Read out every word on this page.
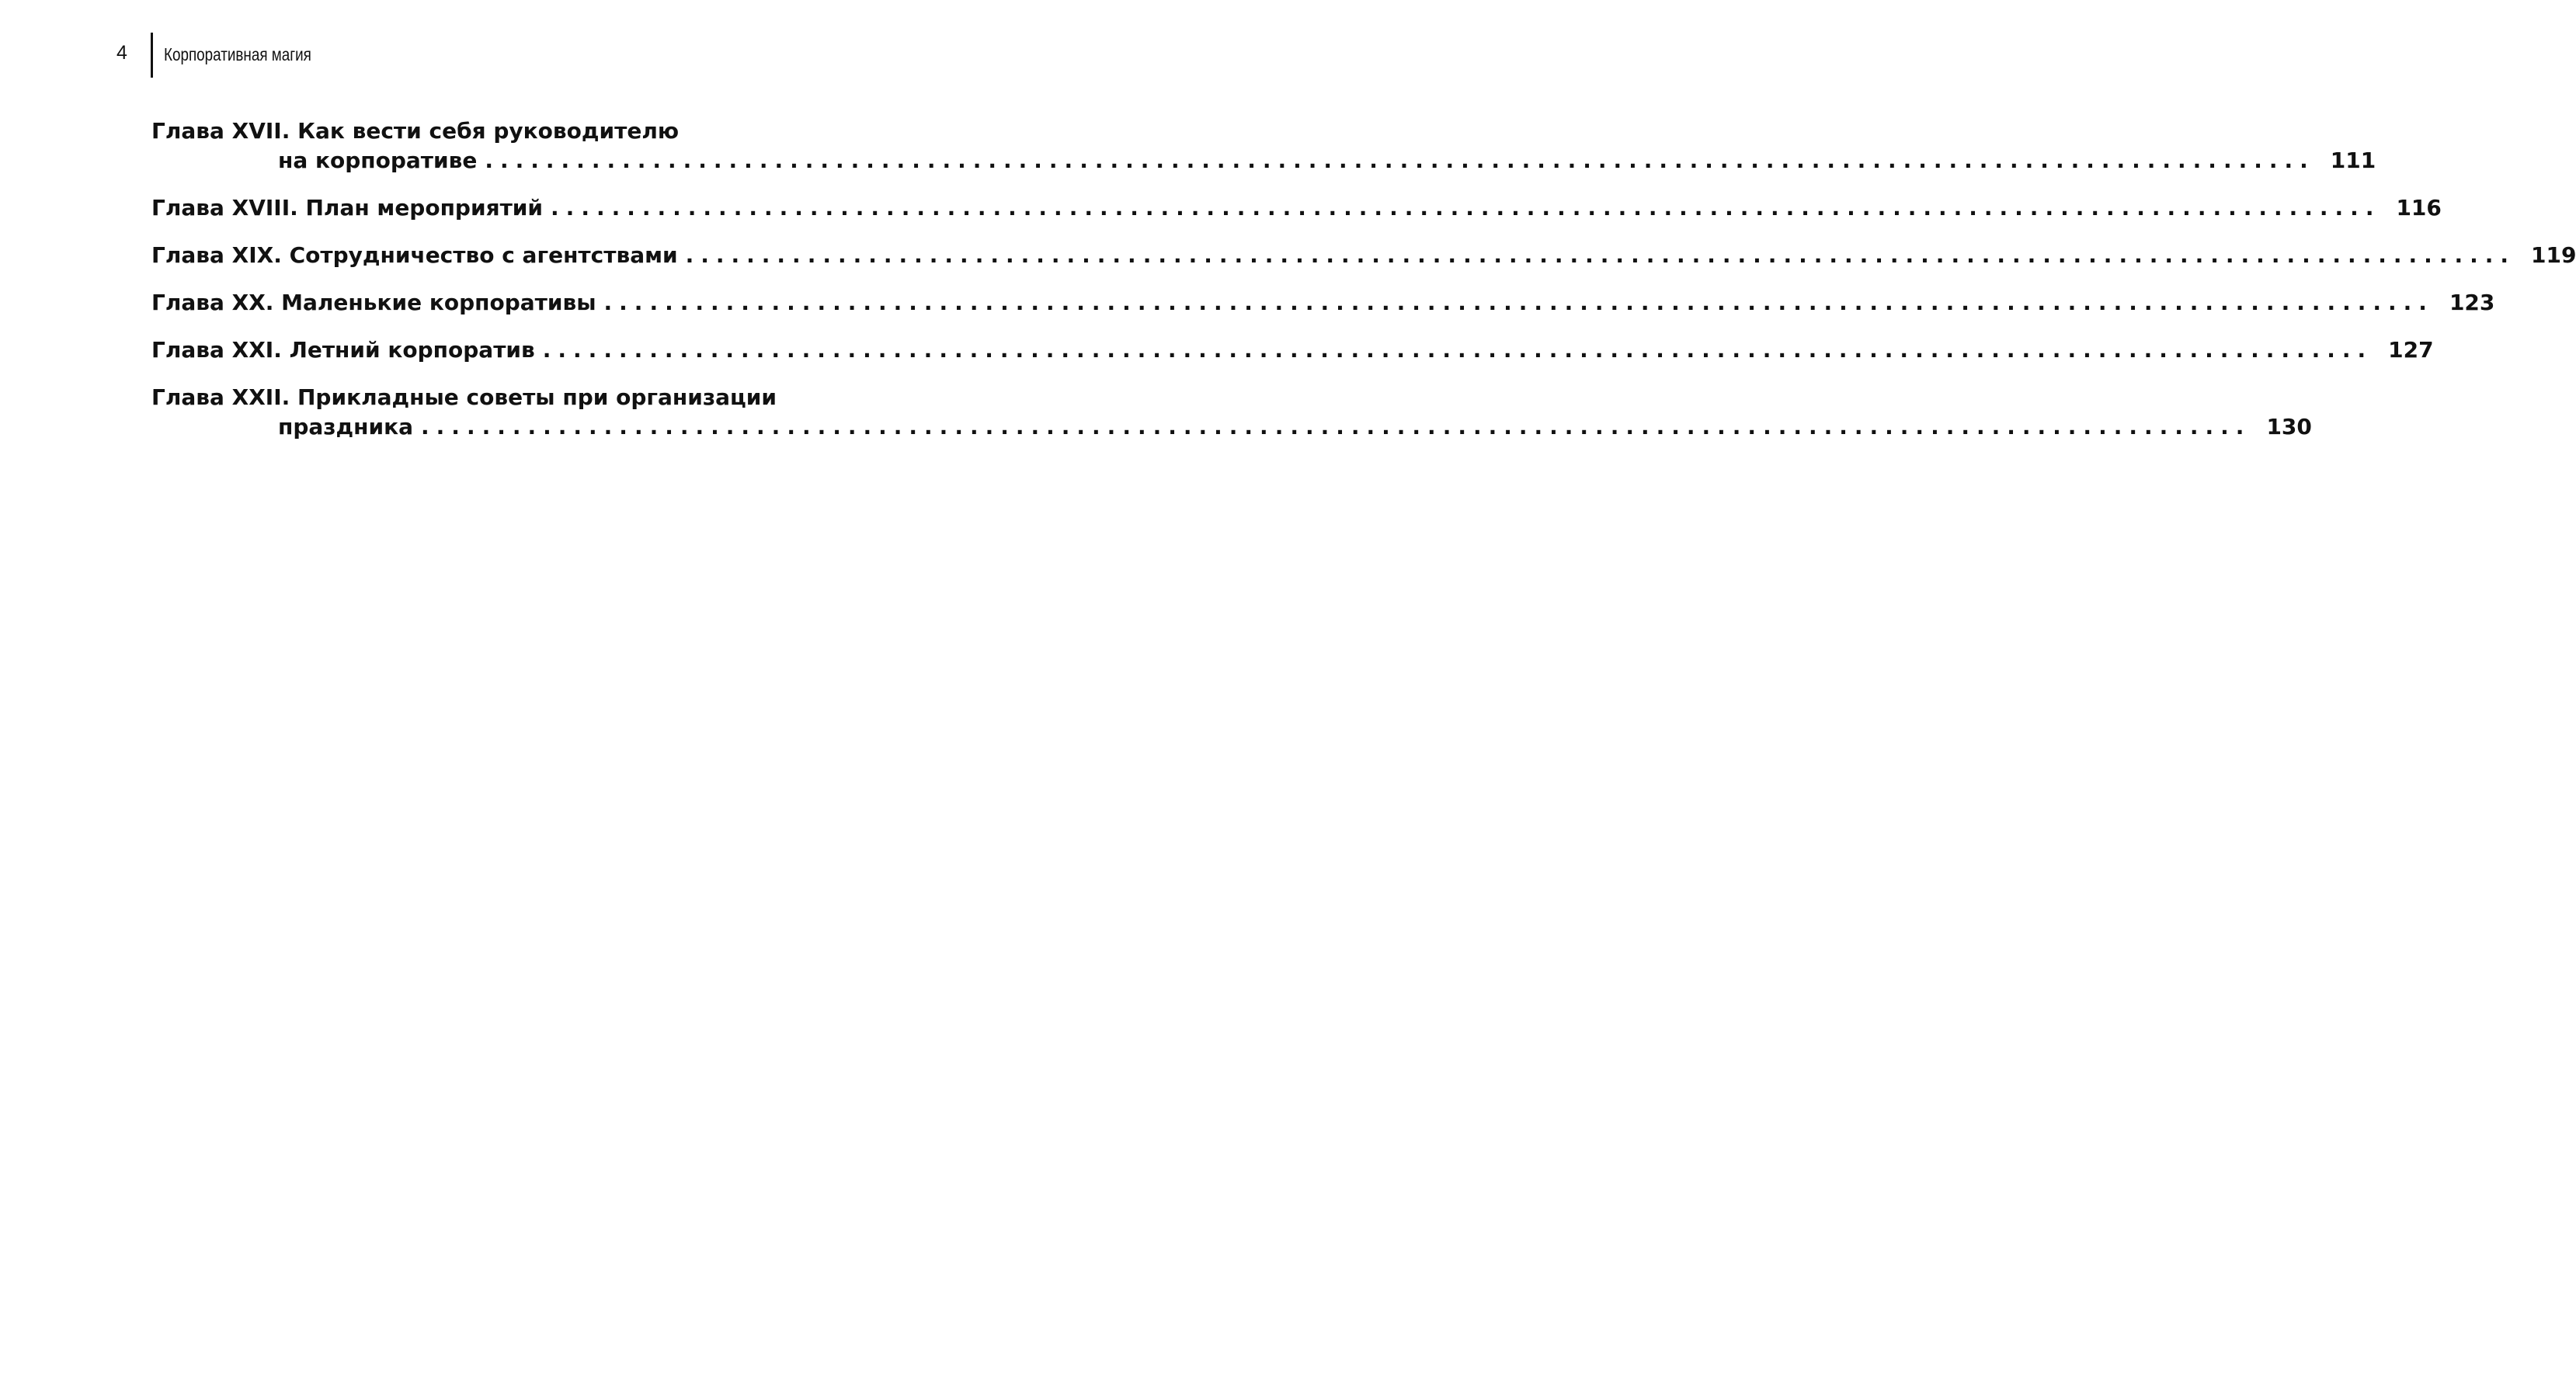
4	Корпоративная магия
Глава XVII. Как вести себя руководителю
на корпоративе ........................................................................................................................ 111
Глава XVIII. План мероприятий ........................................................................................................................ 116
Глава XIX. Сотрудничество с агентствами ........................................................................................................................ 119
Глава XX. Маленькие корпоративы ........................................................................................................................ 123
Глава XXI. Летний корпоратив ........................................................................................................................ 127
Глава XXII. Прикладные советы при организации
праздника ........................................................................................................................ 130
